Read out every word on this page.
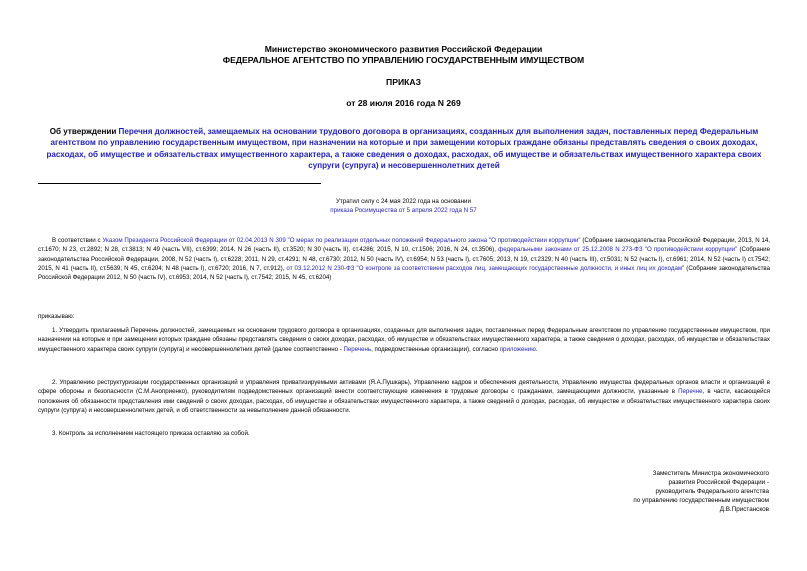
Министерство экономического развития Российской Федерации
ФЕДЕРАЛЬНОЕ АГЕНТСТВО ПО УПРАВЛЕНИЮ ГОСУДАРСТВЕННЫМ ИМУЩЕСТВОМ
ПРИКАЗ
от 28 июля 2016 года N 269
Об утверждении Перечня должностей, замещаемых на основании трудового договора в организациях, созданных для выполнения задач, поставленных перед Федеральным агентством по управлению государственным имуществом, при назначении на которые и при замещении которых граждане обязаны представлять сведения о своих доходах, расходах, об имуществе и обязательствах имущественного характера, а также сведения о доходах, расходах, об имуществе и обязательствах имущественного характера своих супруги (супруга) и несовершеннолетних детей
Утратил силу с 24 мая 2022 года на основании
приказа Росимущества от 5 апреля 2022 года N 57
В соответствии с Указом Президента Российской Федерации от 02.04.2013 N 309 "О мерах по реализации отдельных положений Федерального закона "О противодействии коррупции" (Собрание законодательства Российской Федерации, 2013, N 14, ст.1670; N 23, ст.2892; N 28, ст.3813; N 49 (часть VII), ст.6399; 2014, N 26 (часть II), ст.3520; N 30 (часть II), ст.4286; 2015, N 10, ст.1506; 2016, N 24, ст.3506), федеральными законами от 25.12.2008 N 273-ФЗ "О противодействии коррупции" (Собрание законодательства Российской Федерации, 2008, N 52 (часть I), ст.6228; 2011, N 29, ст.4291; N 48, ст.6730; 2012, N 50 (часть IV), ст.6954; N 53 (часть I), ст.7605; 2013, N 19, ст.2329; N 40 (часть III), ст.5031; N 52 (часть I), ст.6961; 2014, N 52 (часть I) ст.7542; 2015, N 41 (часть II), ст.5639; N 45, ст.6204; N 48 (часть I), ст.6720; 2016, N 7, ст.912), от 03.12.2012 N 230-ФЗ "О контроле за соответствием расходов лиц, замещающих государственные должности, и иных лиц их доходам" (Собрание законодательства Российской Федерации 2012, N 50 (часть IV), ст.6953; 2014, N 52 (часть I), ст.7542; 2015, N 45, ст.6204)
приказываю:
1. Утвердить прилагаемый Перечень должностей, замещаемых на основании трудового договора в организациях, созданных для выполнения задач, поставленных перед Федеральным агентством по управлению государственным имуществом, при назначении на которые и при замещении которых граждане обязаны представлять сведения о своих доходах, расходах, об имуществе и обязательствах имущественного характера, а также сведения о доходах, расходах, об имуществе и обязательствах имущественного характера своих супруги (супруга) и несовершеннолетних детей (далее соответственно - Перечень, подведомственные организации), согласно приложению.
2. Управлению реструктуризации государственных организаций и управления приватизируемыми активами (Я.А.Пушкарь), Управлению кадров и обеспечения деятельности, Управлению имущества федеральных органов власти и организаций в сфере обороны и безопасности (С.М.Аноприенко), руководителям подведомственных организаций внести соответствующие изменения в трудовые договоры с гражданами, замещающими должности, указанные в Перечне, в части, касающейся положения об обязанности представления ими сведений о своих доходах, расходах, об имуществе и обязательствах имущественного характера, а также сведений о доходах, расходах, об имуществе и обязательствах имущественного характера своих супруги (супруга) и несовершеннолетних детей, и об ответственности за невыполнение данной обязанности.
3. Контроль за исполнением настоящего приказа оставляю за собой.
Заместитель Министра экономического
развития Российской Федерации -
руководитель Федерального агентства
по управлению государственным имуществом
Д.В.Пристансков
